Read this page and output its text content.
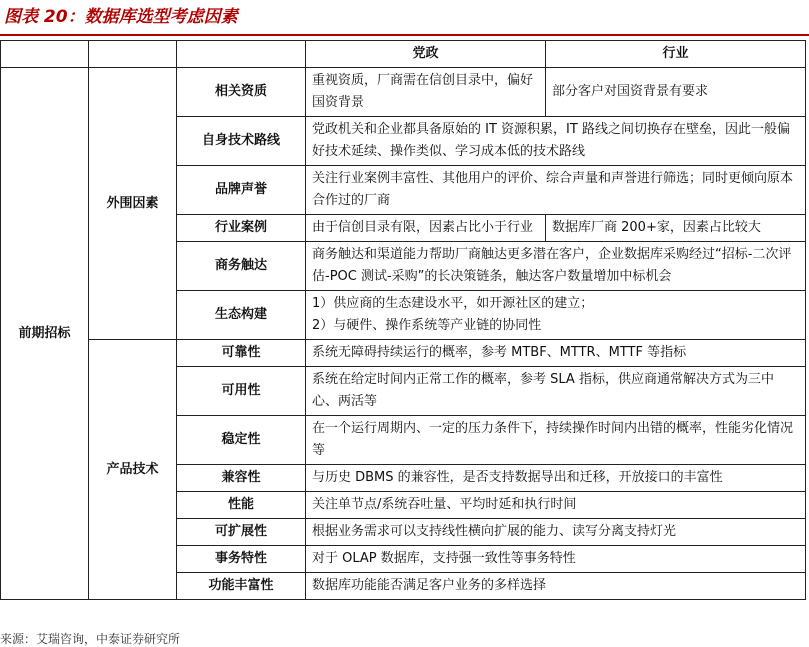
图表 20：数据库选型考虑因素
			党政	行业
前期招标	外围因素	相关资质	重视资质，厂商需在信创目录中，偏好国资背景	部分客户对国资背景有要求
		自身技术路线	党政机关和企业都具备原始的 IT 资源积累，IT 路线之间切换存在壁垒，因此一般偏好技术延续、操作类似、学习成本低的技术路线	
		品牌声誉	关注行业案例丰富性、其他用户的评价、综合声量和声誉进行筛选；同时更倾向原本合作过的厂商	
		行业案例	由于信创目录有限，因素占比小于行业	数据库厂商 200+家，因素占比较大
		商务触达	商务触达和渠道能力帮助厂商触达更多潜在客户，企业数据库采购经过“招标-二次评估-POC 测试-采购”的长决策链条，触达客户数量增加中标机会	
		生态构建	1）供应商的生态建设水平，如开源社区的建立；
2）与硬件、操作系统等产业链的协同性	

	产品技术	可靠性	系统无障碍持续运行的概率，参考 MTBF、MTTR、MTTF 等指标	
		可用性	系统在给定时间内正常工作的概率，参考 SLA 指标，供应商通常解决方式为三中心、两活等	
		稳定性	在一个运行周期内、一定的压力条件下，持续操作时间内出错的概率，性能劣化情况等	
		兼容性	与历史 DBMS 的兼容性，是否支持数据导出和迁移，开放接口的丰富性	
		性能	关注单节点/系统吞吐量、平均时延和执行时间	
		可扩展性	根据业务需求可以支持线性横向扩展的能力、读写分离支持灯光	
		事务特性	对于 OLAP 数据库，支持强一致性等事务特性	
		功能丰富性	数据库功能能否满足客户业务的多样选择	
来源：艾瑞咨询，中泰证券研究所
